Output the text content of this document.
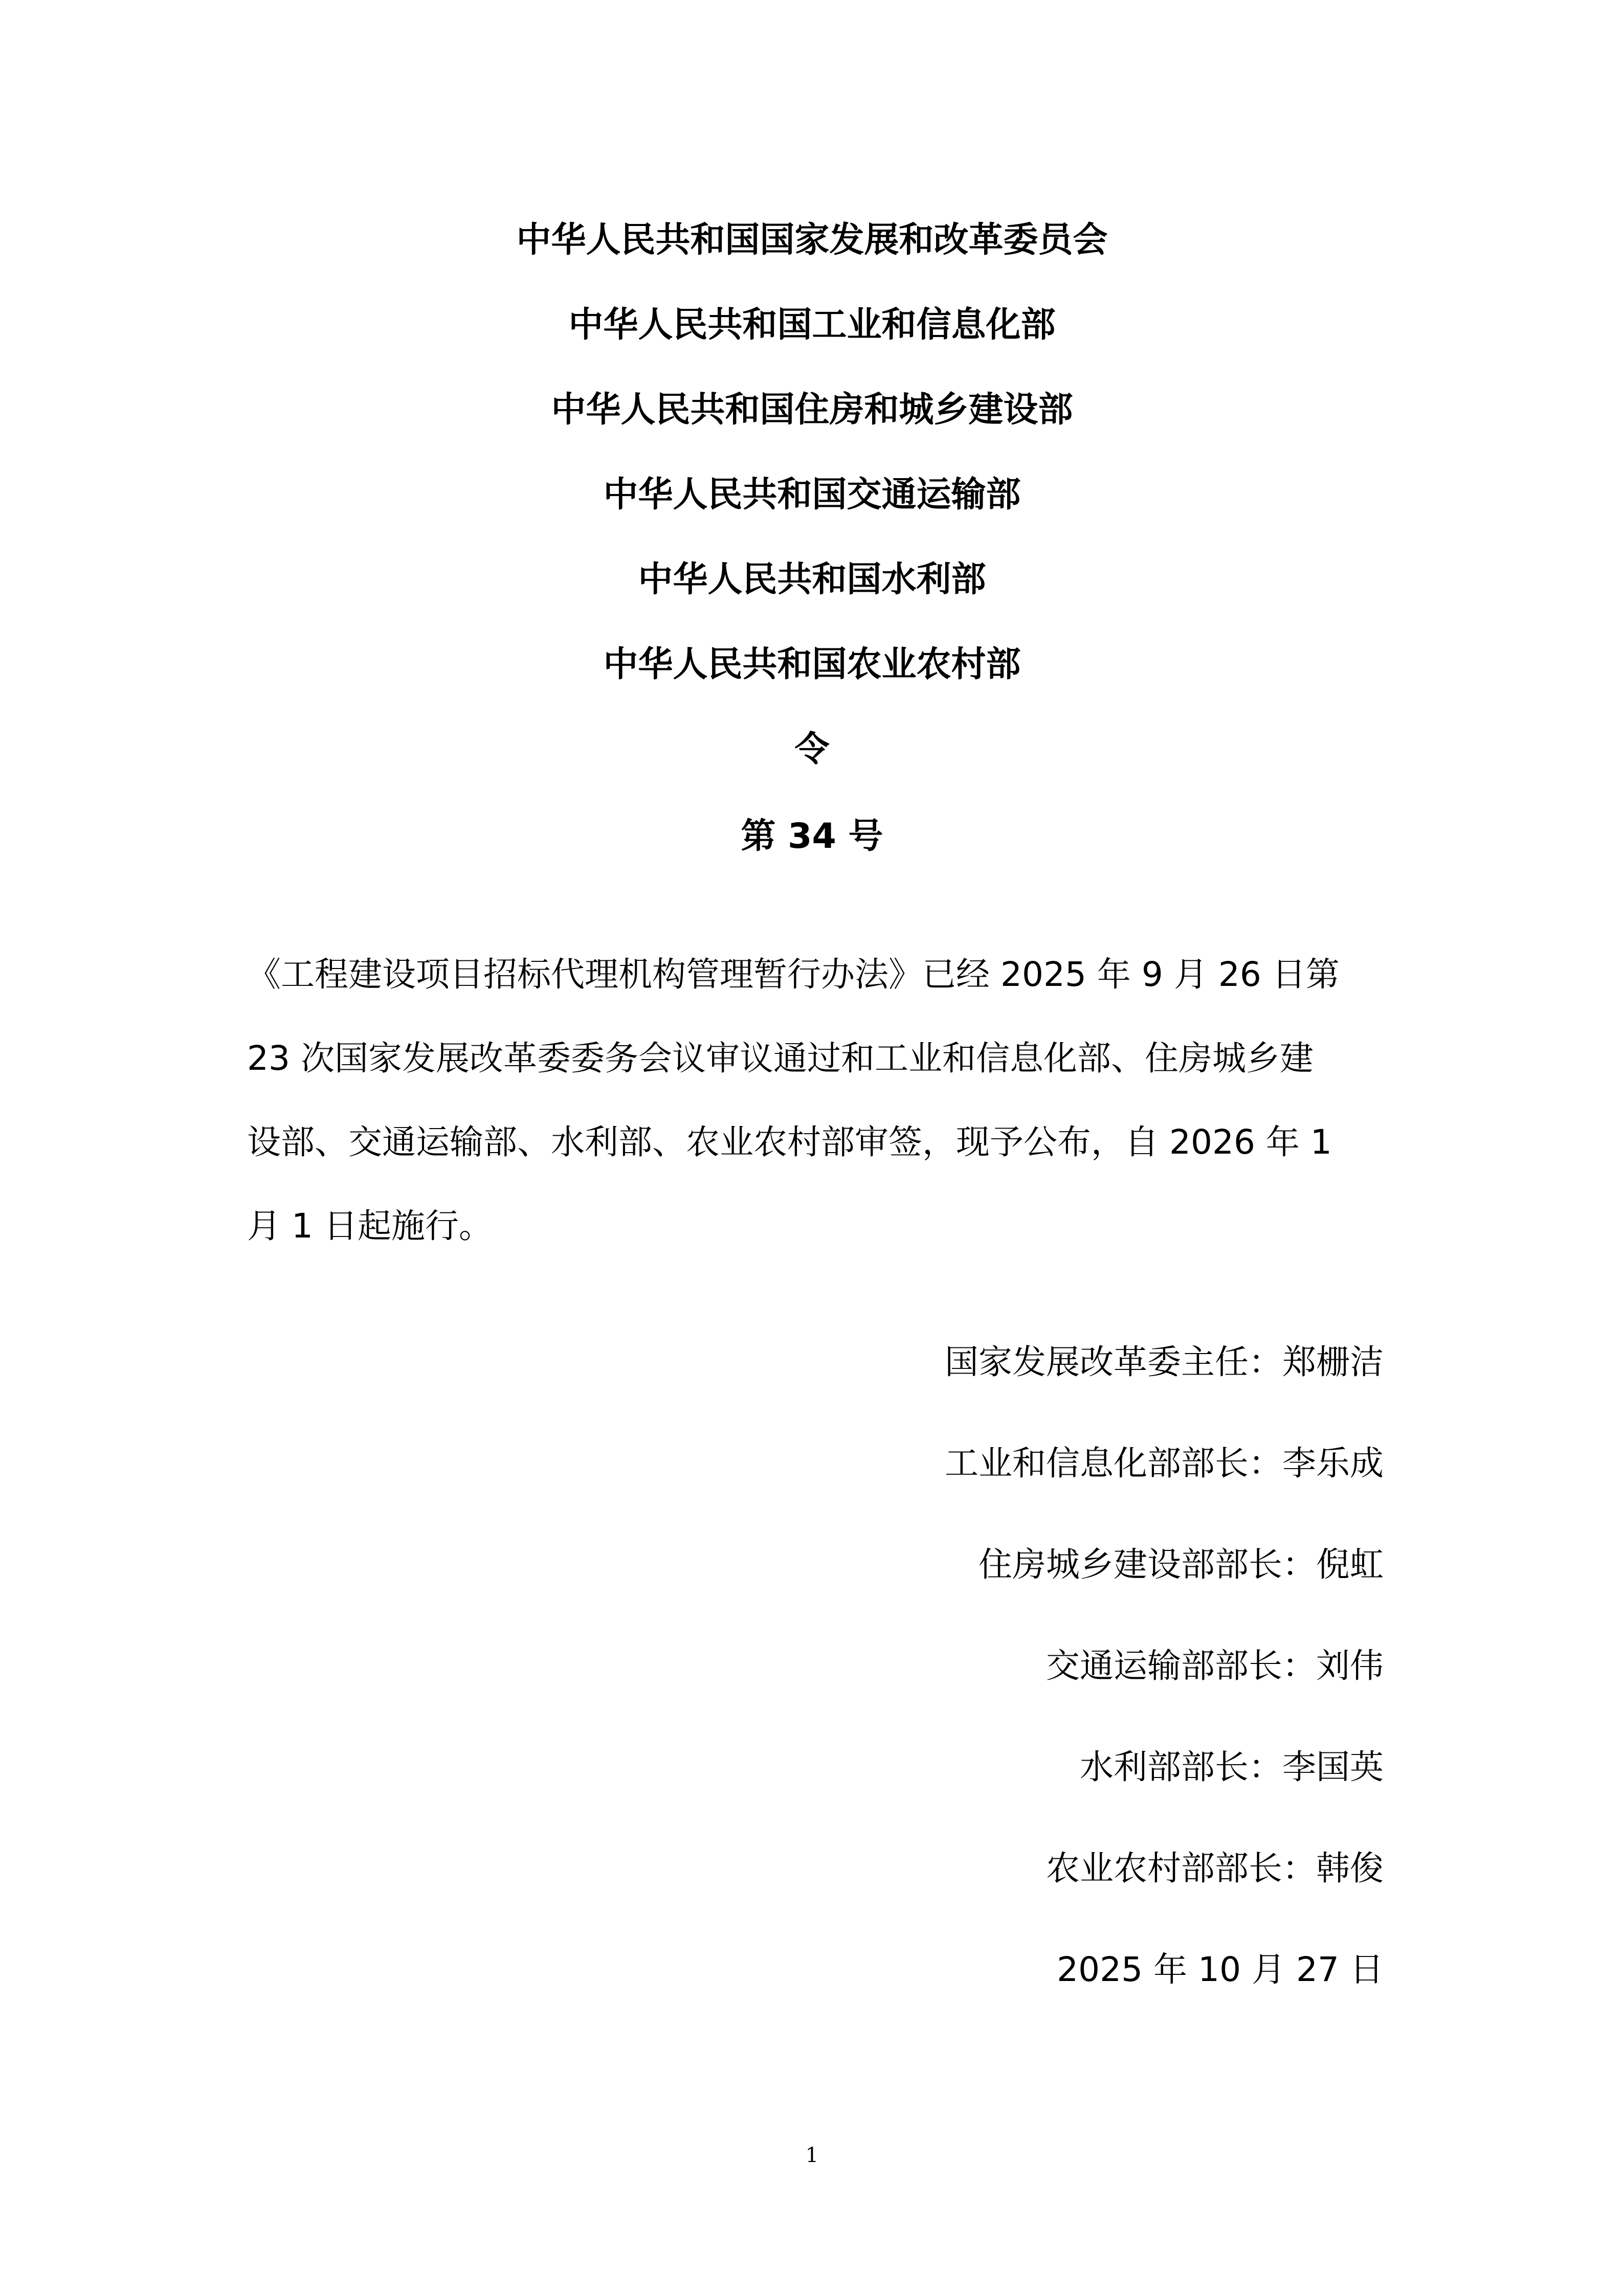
中华人民共和国国家发展和改革委员会
中华人民共和国工业和信息化部
中华人民共和国住房和城乡建设部
中华人民共和国交通运输部
中华人民共和国水利部
中华人民共和国农业农村部
令
第 34 号
《工程建设项目招标代理机构管理暂行办法》已经 2025 年 9 月 26 日第
23 次国家发展改革委委务会议审议通过和工业和信息化部、住房城乡建
设部、交通运输部、水利部、农业农村部审签，现予公布，自 2026 年 1
月 1 日起施行。
国家发展改革委主任：郑栅洁
工业和信息化部部长：李乐成
住房城乡建设部部长：倪虹
交通运输部部长：刘伟
水利部部长：李国英
农业农村部部长：韩俊
2025 年 10 月 27 日
1
